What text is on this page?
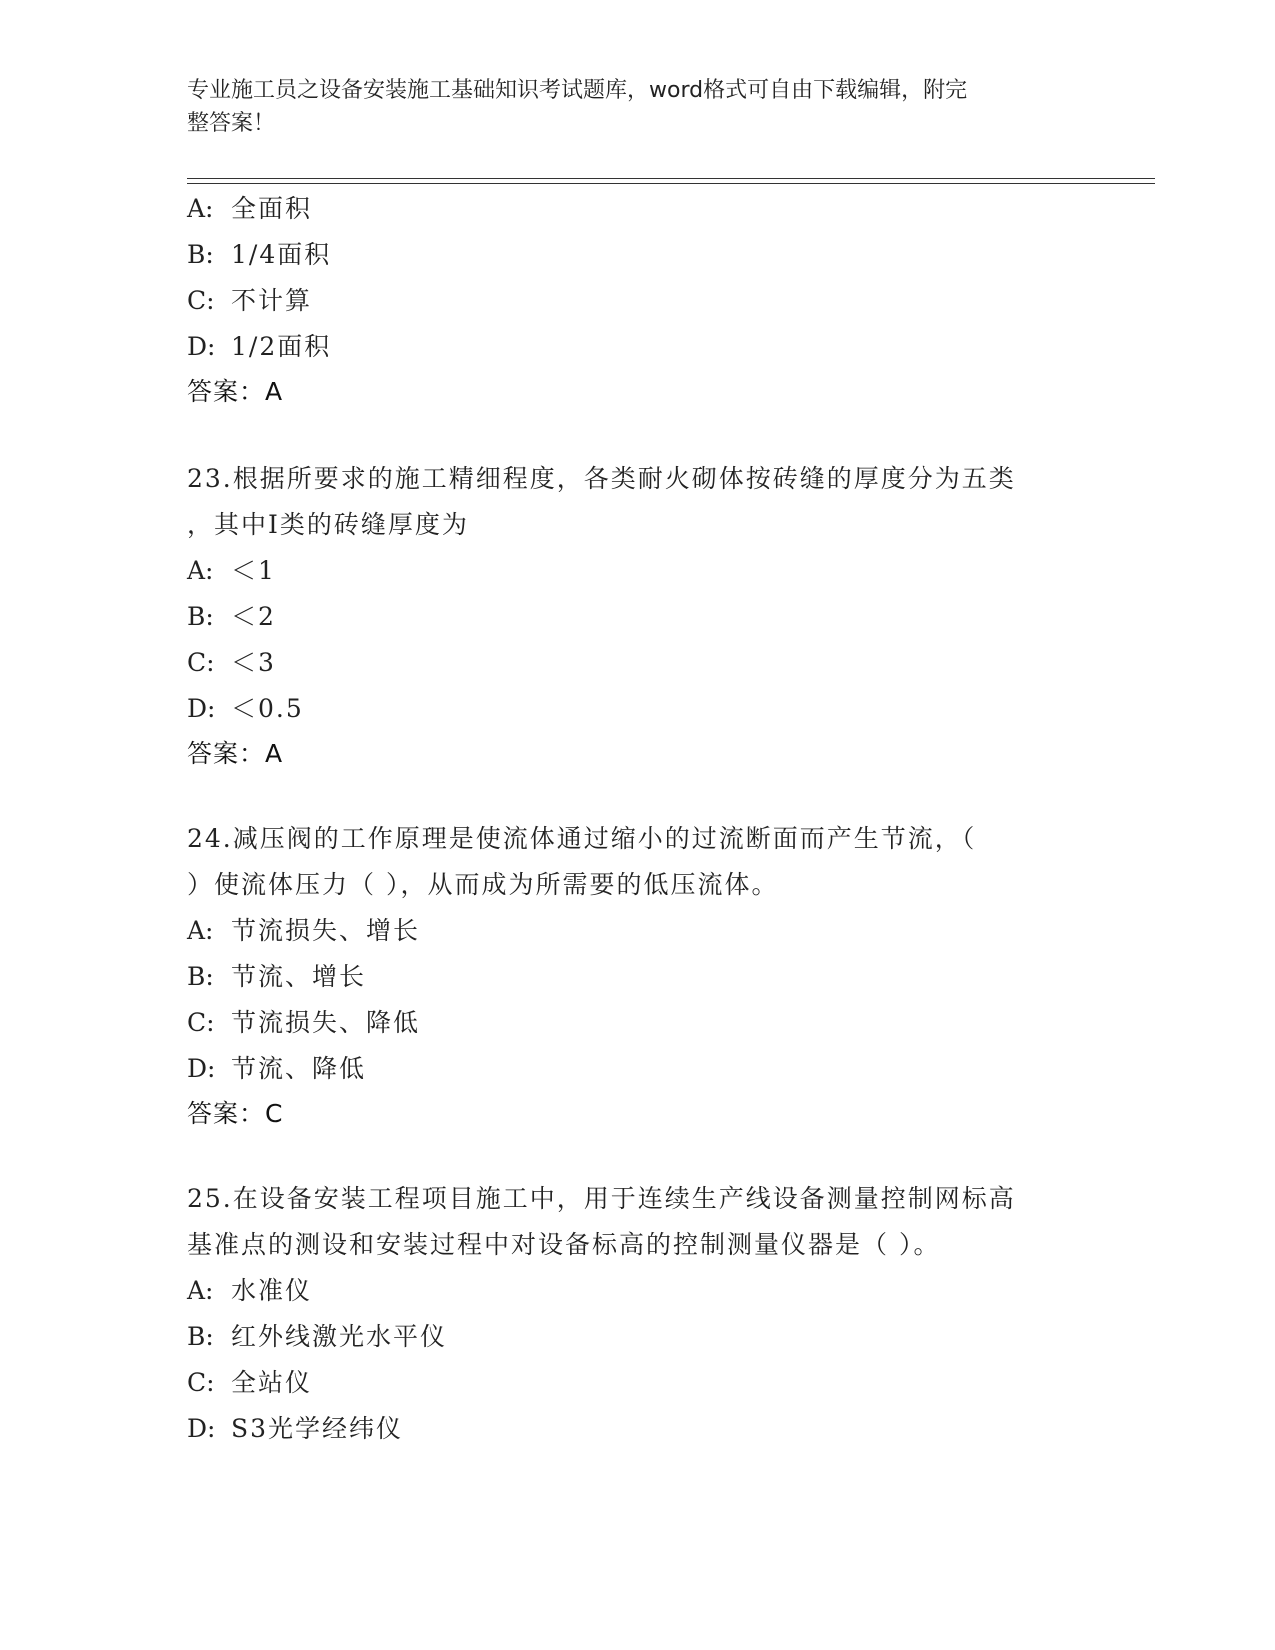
专业施工员之设备安装施工基础知识考试题库，word格式可自由下载编辑，附完
整答案！
A: 全面积
B: 1/4面积
C: 不计算
D: 1/2面积
答案：A
23.根据所要求的施工精细程度，各类耐火砌体按砖缝的厚度分为五类
，其中Ⅰ类的砖缝厚度为
A: ＜1
B: ＜2
C: ＜3
D: ＜0.5
答案：A
24.减压阀的工作原理是使流体通过缩小的过流断面而产生节流，（
）使流体压力（ ），从而成为所需要的低压流体。
A: 节流损失、增长
B: 节流、增长
C: 节流损失、降低
D: 节流、降低
答案：C
25.在设备安装工程项目施工中，用于连续生产线设备测量控制网标高
基准点的测设和安装过程中对设备标高的控制测量仪器是（ ）。
A: 水准仪
B: 红外线激光水平仪
C: 全站仪
D: S3光学经纬仪
